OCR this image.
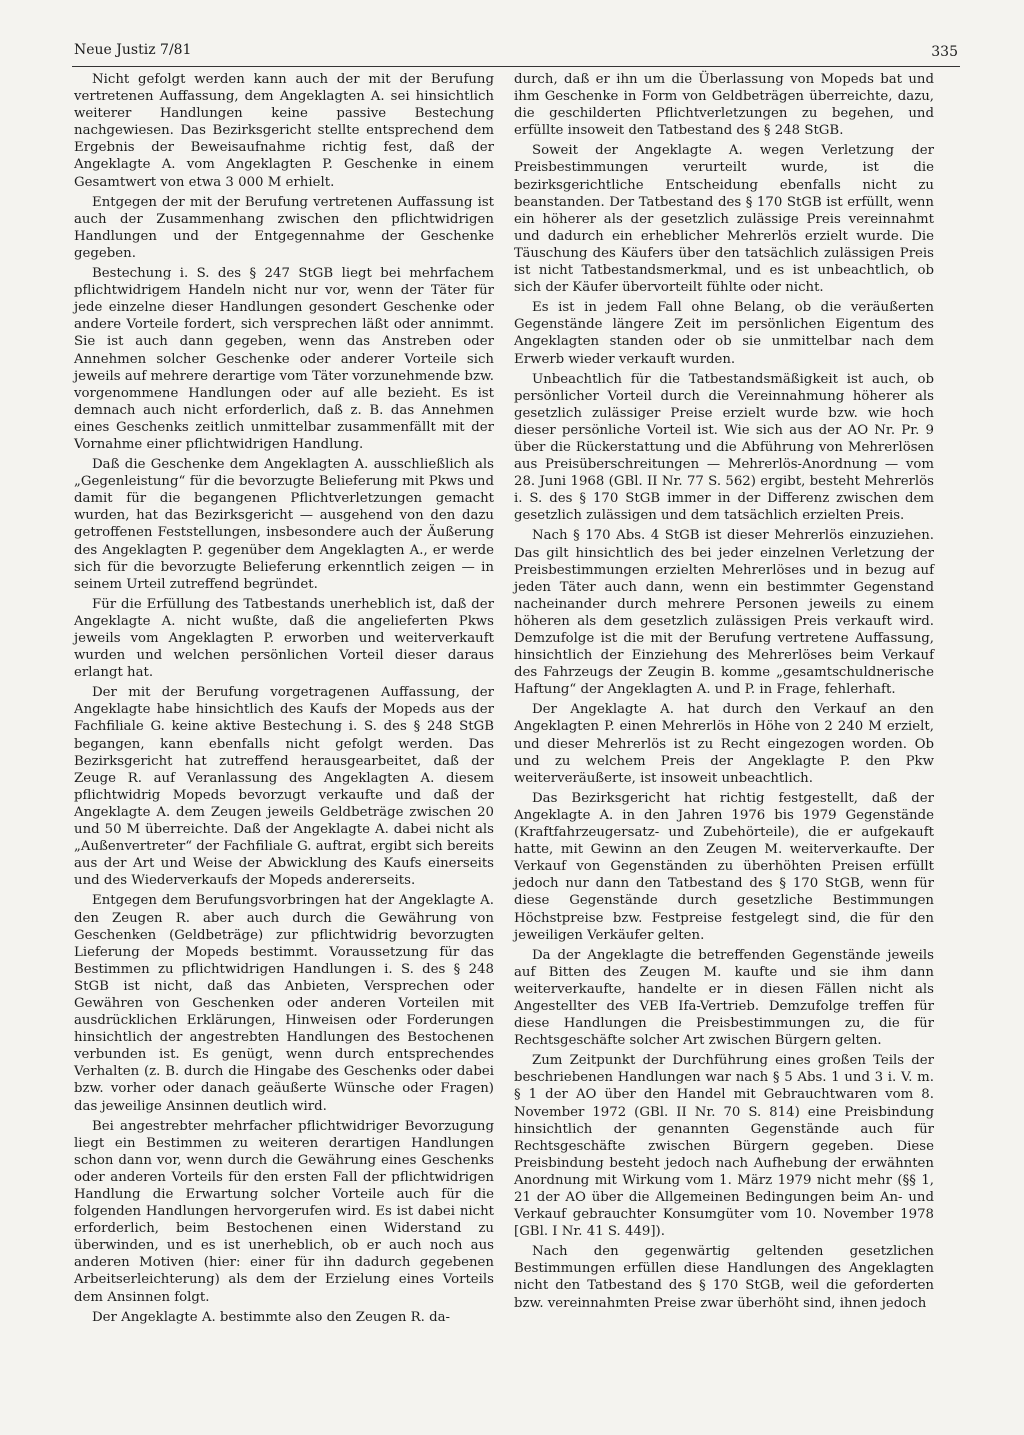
Neue Justiz 7/81	335

Nicht gefolgt werden kann auch der mit der Berufung vertretenen Auffassung, dem Angeklagten A. sei hinsichtlich weiterer Handlungen keine passive Bestechung nachgewiesen. Das Bezirksgericht stellte entsprechend dem Ergebnis der Beweisaufnahme richtig fest, daß der Angeklagte A. vom Angeklagten P. Geschenke in einem Gesamtwert von etwa 3 000 M erhielt.

Entgegen der mit der Berufung vertretenen Auffassung ist auch der Zusammenhang zwischen den pflichtwidrigen Handlungen und der Entgegennahme der Geschenke gegeben.

Bestechung i. S. des § 247 StGB liegt bei mehrfachem pflichtwidrigem Handeln nicht nur vor, wenn der Täter für jede einzelne dieser Handlungen gesondert Geschenke oder andere Vorteile fordert, sich versprechen läßt oder annimmt. Sie ist auch dann gegeben, wenn das Anstreben oder Annehmen solcher Geschenke oder anderer Vorteile sich jeweils auf mehrere derartige vom Täter vorzunehmende bzw. vorgenommene Handlungen oder auf alle bezieht. Es ist demnach auch nicht erforderlich, daß z. B. das Annehmen eines Geschenks zeitlich unmittelbar zusammenfällt mit der Vornahme einer pflichtwidrigen Handlung.

Daß die Geschenke dem Angeklagten A. ausschließlich als „Gegenleistung“ für die bevorzugte Belieferung mit Pkws und damit für die begangenen Pflichtverletzungen gemacht wurden, hat das Bezirksgericht — ausgehend von den dazu getroffenen Feststellungen, insbesondere auch der Äußerung des Angeklagten P. gegenüber dem Angeklagten A., er werde sich für die bevorzugte Belieferung erkenntlich zeigen — in seinem Urteil zutreffend begründet.

Für die Erfüllung des Tatbestands unerheblich ist, daß der Angeklagte A. nicht wußte, daß die angelieferten Pkws jeweils vom Angeklagten P. erworben und weiterverkauft wurden und welchen persönlichen Vorteil dieser daraus erlangt hat.

Der mit der Berufung vorgetragenen Auffassung, der Angeklagte habe hinsichtlich des Kaufs der Mopeds aus der Fachfiliale G. keine aktive Bestechung i. S. des § 248 StGB begangen, kann ebenfalls nicht gefolgt werden. Das Bezirksgericht hat zutreffend herausgearbeitet, daß der Zeuge R. auf Veranlassung des Angeklagten A. diesem pflichtwidrig Mopeds bevorzugt verkaufte und daß der Angeklagte A. dem Zeugen jeweils Geldbeträge zwischen 20 und 50 M überreichte. Daß der Angeklagte A. dabei nicht als „Außenvertreter“ der Fachfiliale G. auftrat, ergibt sich bereits aus der Art und Weise der Abwicklung des Kaufs einerseits und des Wiederverkaufs der Mopeds andererseits.

Entgegen dem Berufungsvorbringen hat der Angeklagte A. den Zeugen R. aber auch durch die Gewährung von Geschenken (Geldbeträge) zur pflichtwidrig bevorzugten Lieferung der Mopeds bestimmt. Voraussetzung für das Bestimmen zu pflichtwidrigen Handlungen i. S. des § 248 StGB ist nicht, daß das Anbieten, Versprechen oder Gewähren von Geschenken oder anderen Vorteilen mit ausdrücklichen Erklärungen, Hinweisen oder Forderungen hinsichtlich der angestrebten Handlungen des Bestochenen verbunden ist. Es genügt, wenn durch entsprechendes Verhalten (z. B. durch die Hingabe des Geschenks oder dabei bzw. vorher oder danach geäußerte Wünsche oder Fragen) das jeweilige Ansinnen deutlich wird.

Bei angestrebter mehrfacher pflichtwidriger Bevorzugung liegt ein Bestimmen zu weiteren derartigen Handlungen schon dann vor, wenn durch die Gewährung eines Geschenks oder anderen Vorteils für den ersten Fall der pflichtwidrigen Handlung die Erwartung solcher Vorteile auch für die folgenden Handlungen hervorgerufen wird. Es ist dabei nicht erforderlich, beim Bestochenen einen Widerstand zu überwinden, und es ist unerheblich, ob er auch noch aus anderen Motiven (hier: einer für ihn dadurch gegebenen Arbeitserleichterung) als dem der Erzielung eines Vorteils dem Ansinnen folgt.

Der Angeklagte A. bestimmte also den Zeugen R. da-

durch, daß er ihn um die Überlassung von Mopeds bat und ihm Geschenke in Form von Geldbeträgen überreichte, dazu, die geschilderten Pflichtverletzungen zu begehen, und erfüllte insoweit den Tatbestand des § 248 StGB.

Soweit der Angeklagte A. wegen Verletzung der Preisbestimmungen verurteilt wurde, ist die bezirksgerichtliche Entscheidung ebenfalls nicht zu beanstanden. Der Tatbestand des § 170 StGB ist erfüllt, wenn ein höherer als der gesetzlich zulässige Preis vereinnahmt und dadurch ein erheblicher Mehrerlös erzielt wurde. Die Täuschung des Käufers über den tatsächlich zulässigen Preis ist nicht Tatbestandsmerkmal, und es ist unbeachtlich, ob sich der Käufer übervorteilt fühlte oder nicht.

Es ist in jedem Fall ohne Belang, ob die veräußerten Gegenstände längere Zeit im persönlichen Eigentum des Angeklagten standen oder ob sie unmittelbar nach dem Erwerb wieder verkauft wurden.

Unbeachtlich für die Tatbestandsmäßigkeit ist auch, ob persönlicher Vorteil durch die Vereinnahmung höherer als gesetzlich zulässiger Preise erzielt wurde bzw. wie hoch dieser persönliche Vorteil ist. Wie sich aus der AO Nr. Pr. 9 über die Rückerstattung und die Abführung von Mehrerlösen aus Preisüberschreitungen — Mehrerlös-Anordnung — vom 28. Juni 1968 (GBl. II Nr. 77 S. 562) ergibt, besteht Mehrerlös i. S. des § 170 StGB immer in der Differenz zwischen dem gesetzlich zulässigen und dem tatsächlich erzielten Preis.

Nach § 170 Abs. 4 StGB ist dieser Mehrerlös einzuziehen. Das gilt hinsichtlich des bei jeder einzelnen Verletzung der Preisbestimmungen erzielten Mehrerlöses und in bezug auf jeden Täter auch dann, wenn ein bestimmter Gegenstand nacheinander durch mehrere Personen jeweils zu einem höheren als dem gesetzlich zulässigen Preis verkauft wird. Demzufolge ist die mit der Berufung vertretene Auffassung, hinsichtlich der Einziehung des Mehrerlöses beim Verkauf des Fahrzeugs der Zeugin B. komme „gesamtschuldnerische Haftung“ der Angeklagten A. und P. in Frage, fehlerhaft.

Der Angeklagte A. hat durch den Verkauf an den Angeklagten P. einen Mehrerlös in Höhe von 2 240 M erzielt, und dieser Mehrerlös ist zu Recht eingezogen worden. Ob und zu welchem Preis der Angeklagte P. den Pkw weiterveräußerte, ist insoweit unbeachtlich.

Das Bezirksgericht hat richtig festgestellt, daß der Angeklagte A. in den Jahren 1976 bis 1979 Gegenstände (Kraftfahrzeugersatz- und Zubehörteile), die er aufgekauft hatte, mit Gewinn an den Zeugen M. weiterverkaufte. Der Verkauf von Gegenständen zu überhöhten Preisen erfüllt jedoch nur dann den Tatbestand des § 170 StGB, wenn für diese Gegenstände durch gesetzliche Bestimmungen Höchstpreise bzw. Festpreise festgelegt sind, die für den jeweiligen Verkäufer gelten.

Da der Angeklagte die betreffenden Gegenstände jeweils auf Bitten des Zeugen M. kaufte und sie ihm dann weiterverkaufte, handelte er in diesen Fällen nicht als Angestellter des VEB Ifa-Vertrieb. Demzufolge treffen für diese Handlungen die Preisbestimmungen zu, die für Rechtsgeschäfte solcher Art zwischen Bürgern gelten.

Zum Zeitpunkt der Durchführung eines großen Teils der beschriebenen Handlungen war nach § 5 Abs. 1 und 3 i. V. m. § 1 der AO über den Handel mit Gebrauchtwaren vom 8. November 1972 (GBl. II Nr. 70 S. 814) eine Preisbindung hinsichtlich der genannten Gegenstände auch für Rechtsgeschäfte zwischen Bürgern gegeben. Diese Preisbindung besteht jedoch nach Aufhebung der erwähnten Anordnung mit Wirkung vom 1. März 1979 nicht mehr (§§ 1, 21 der AO über die Allgemeinen Bedingungen beim An- und Verkauf gebrauchter Konsumgüter vom 10. November 1978 [GBl. I Nr. 41 S. 449]).

Nach den gegenwärtig geltenden gesetzlichen Bestimmungen erfüllen diese Handlungen des Angeklagten nicht den Tatbestand des § 170 StGB, weil die geforderten bzw. vereinnahmten Preise zwar überhöht sind, ihnen jedoch
